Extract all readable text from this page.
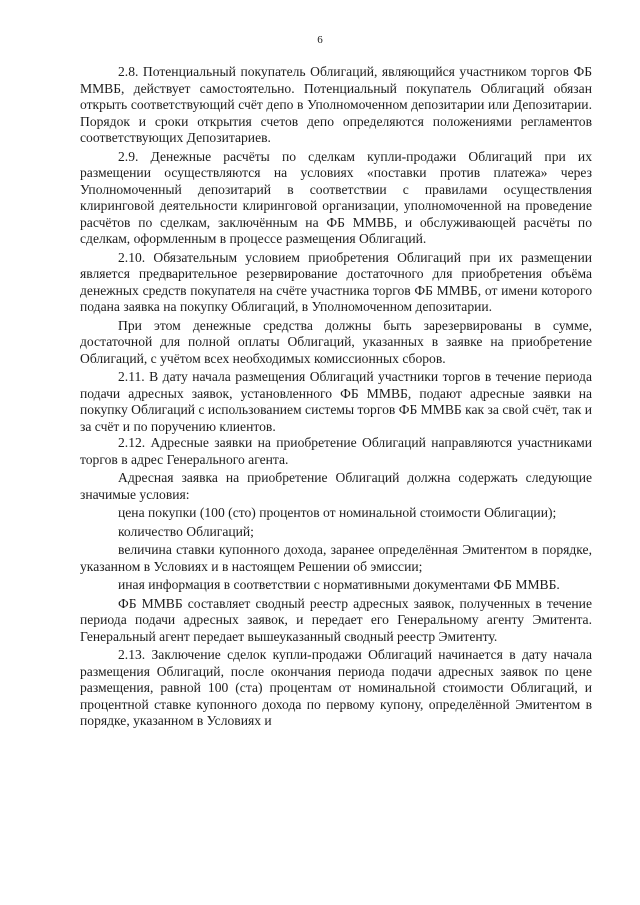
6

2.8. Потенциальный покупатель Облигаций, являющийся участником торгов ФБ ММВБ, действует самостоятельно. Потенциальный покупатель Облигаций обязан открыть соответствующий счёт депо в Уполномоченном депозитарии или Депозитарии. Порядок и сроки открытия счетов депо определяются положениями регламентов соответствующих Депозитариев.

2.9. Денежные расчёты по сделкам купли-продажи Облигаций при их размещении осуществляются на условиях «поставки против платежа» через Уполномоченный депозитарий в соответствии с правилами осуществления клиринговой деятельности клиринговой организации, уполномоченной на проведение расчётов по сделкам, заключённым на ФБ ММВБ, и обслуживающей расчёты по сделкам, оформленным в процессе размещения Облигаций.

2.10. Обязательным условием приобретения Облигаций при их размещении является предварительное резервирование достаточного для приобретения объёма денежных средств покупателя на счёте участника торгов ФБ ММВБ, от имени которого подана заявка на покупку Облигаций, в Уполномоченном депозитарии.

При этом денежные средства должны быть зарезервированы в сумме, достаточной для полной оплаты Облигаций, указанных в заявке на приобретение Облигаций, с учётом всех необходимых комиссионных сборов.

2.11. В дату начала размещения Облигаций участники торгов в течение периода подачи адресных заявок, установленного ФБ ММВБ, подают адресные заявки на покупку Облигаций с использованием системы торгов ФБ ММВБ как за свой счёт, так и за счёт и по поручению клиентов.

2.12. Адресные заявки на приобретение Облигаций направляются участниками торгов в адрес Генерального агента.

Адресная заявка на приобретение Облигаций должна содержать следующие значимые условия:

цена покупки (100 (сто) процентов от номинальной стоимости Облигации);

количество Облигаций;

величина ставки купонного дохода, заранее определённая Эмитентом в порядке, указанном в Условиях и в настоящем Решении об эмиссии;

иная информация в соответствии с нормативными документами ФБ ММВБ.

ФБ ММВБ составляет сводный реестр адресных заявок, полученных в течение периода подачи адресных заявок, и передает его Генеральному агенту Эмитента. Генеральный агент передает вышеуказанный сводный реестр Эмитенту.

2.13. Заключение сделок купли-продажи Облигаций начинается в дату начала размещения Облигаций, после окончания периода подачи адресных заявок по цене размещения, равной 100 (ста) процентам от номинальной стоимости Облигаций, и процентной ставке купонного дохода по первому купону, определённой Эмитентом в порядке, указанном в Условиях и
